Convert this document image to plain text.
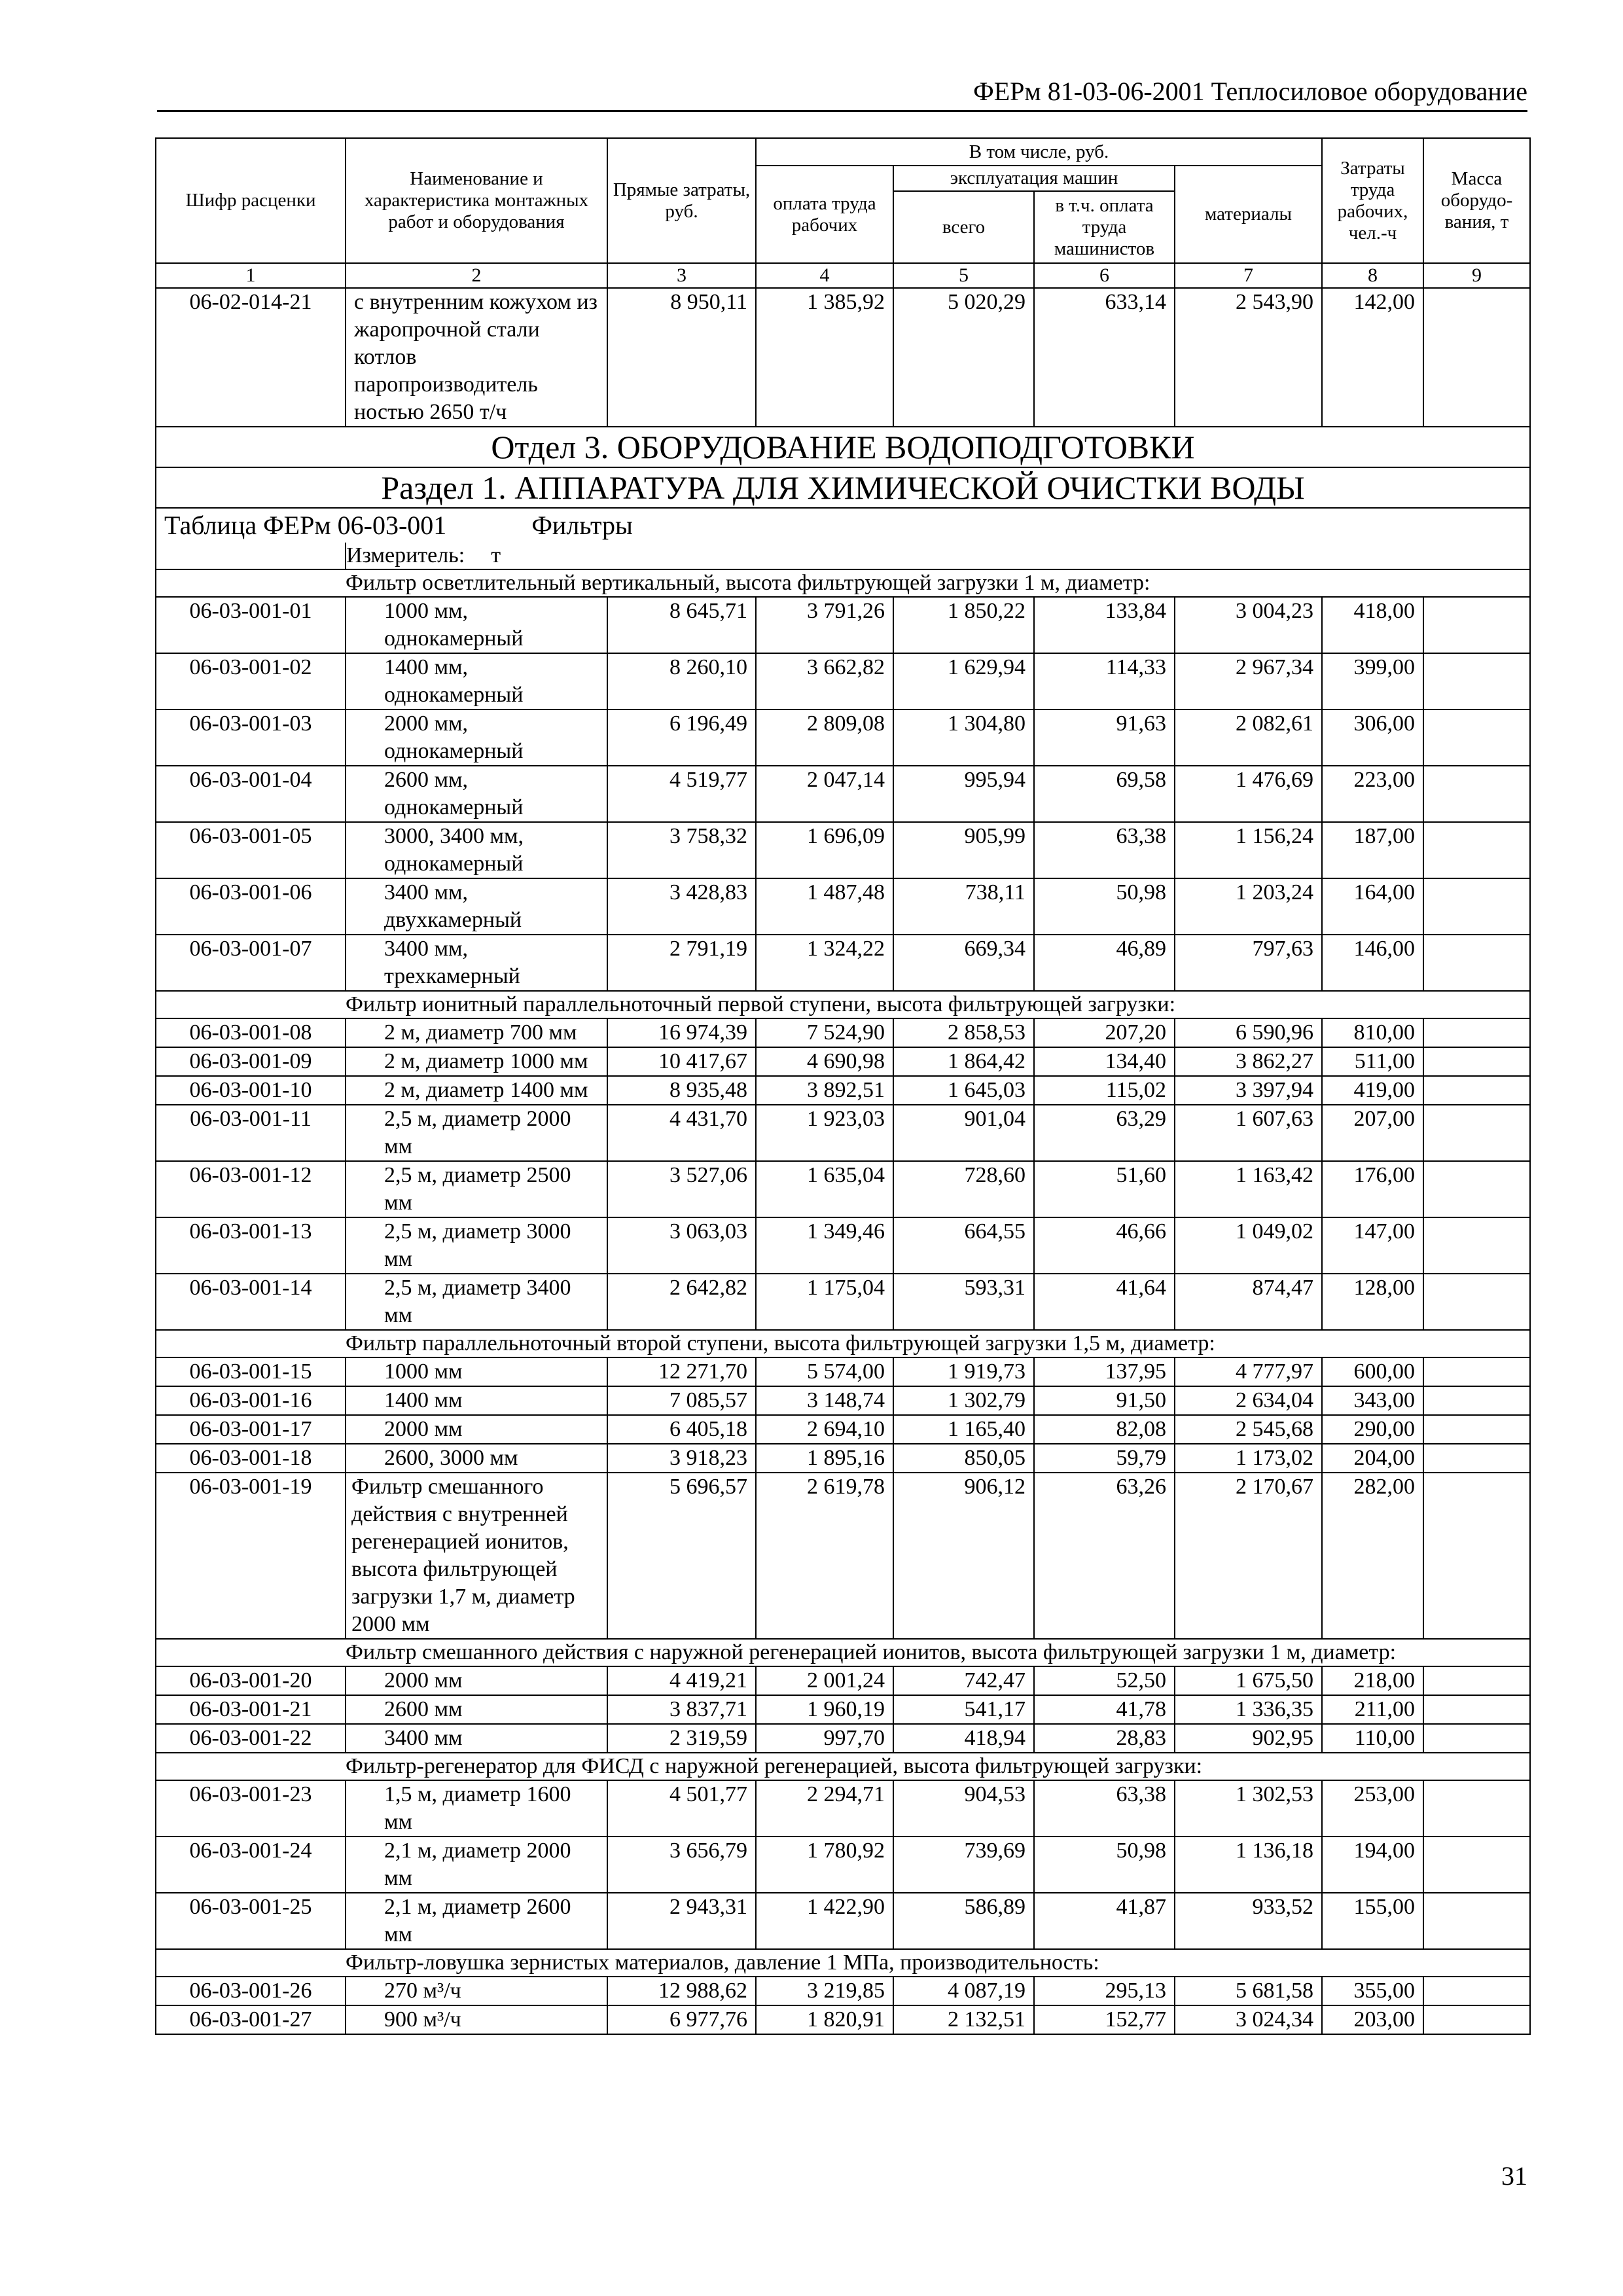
ФЕРм 81-03-06-2001 Теплосиловое оборудование
Шифр расценки	Наименование и характеристика монтажных работ и оборудования	Прямые затраты, руб.	В том числе, руб.				Затраты труда рабочих, чел.-ч	Масса оборудо-вания, т
			оплата труда рабочих	эксплуатация машин		материалы		
				всего	в т.ч. оплата труда машинистов			
1	2	3	4	5	6	7	8	9
06-02-014-21	с внутренним кожухом из жаропрочной стали котлов паропроизводитель ностью 2650 т/ч	8 950,11	1 385,92	5 020,29	633,14	2 543,90	142,00	
Отдел 3. ОБОРУДОВАНИЕ ВОДОПОДГОТОВКИ								
Раздел 1. АППАРАТУРА ДЛЯ ХИМИЧЕСКОЙ ОЧИСТКИ ВОДЫ								
Таблица ФЕРм 06-03-001 Фильтры								
	Измеритель: т							
	Фильтр осветлительный вертикальный, высота фильтрующей загрузки 1 м, диаметр:							
06-03-001-01	1000 мм, однокамерный	8 645,71	3 791,26	1 850,22	133,84	3 004,23	418,00	
06-03-001-02	1400 мм, однокамерный	8 260,10	3 662,82	1 629,94	114,33	2 967,34	399,00	
06-03-001-03	2000 мм, однокамерный	6 196,49	2 809,08	1 304,80	91,63	2 082,61	306,00	
06-03-001-04	2600 мм, однокамерный	4 519,77	2 047,14	995,94	69,58	1 476,69	223,00	
06-03-001-05	3000, 3400 мм, однокамерный	3 758,32	1 696,09	905,99	63,38	1 156,24	187,00	
06-03-001-06	3400 мм, двухкамерный	3 428,83	1 487,48	738,11	50,98	1 203,24	164,00	
06-03-001-07	3400 мм, трехкамерный	2 791,19	1 324,22	669,34	46,89	797,63	146,00	
	Фильтр ионитный параллельноточный первой ступени, высота фильтрующей загрузки:							
06-03-001-08	2 м, диаметр 700 мм	16 974,39	7 524,90	2 858,53	207,20	6 590,96	810,00	
06-03-001-09	2 м, диаметр 1000 мм	10 417,67	4 690,98	1 864,42	134,40	3 862,27	511,00	
06-03-001-10	2 м, диаметр 1400 мм	8 935,48	3 892,51	1 645,03	115,02	3 397,94	419,00	
06-03-001-11	2,5 м, диаметр 2000 мм	4 431,70	1 923,03	901,04	63,29	1 607,63	207,00	
06-03-001-12	2,5 м, диаметр 2500 мм	3 527,06	1 635,04	728,60	51,60	1 163,42	176,00	
06-03-001-13	2,5 м, диаметр 3000 мм	3 063,03	1 349,46	664,55	46,66	1 049,02	147,00	
06-03-001-14	2,5 м, диаметр 3400 мм	2 642,82	1 175,04	593,31	41,64	874,47	128,00	
	Фильтр параллельноточный второй ступени, высота фильтрующей загрузки 1,5 м, диаметр:							
06-03-001-15	1000 мм	12 271,70	5 574,00	1 919,73	137,95	4 777,97	600,00	
06-03-001-16	1400 мм	7 085,57	3 148,74	1 302,79	91,50	2 634,04	343,00	
06-03-001-17	2000 мм	6 405,18	2 694,10	1 165,40	82,08	2 545,68	290,00	
06-03-001-18	2600, 3000 мм	3 918,23	1 895,16	850,05	59,79	1 173,02	204,00	
06-03-001-19	Фильтр смешанного действия с внутренней регенерацией ионитов, высота фильтрующей загрузки 1,7 м, диаметр 2000 мм	5 696,57	2 619,78	906,12	63,26	2 170,67	282,00	
	Фильтр смешанного действия с наружной регенерацией ионитов, высота фильтрующей загрузки 1 м, диаметр:							
06-03-001-20	2000 мм	4 419,21	2 001,24	742,47	52,50	1 675,50	218,00	
06-03-001-21	2600 мм	3 837,71	1 960,19	541,17	41,78	1 336,35	211,00	
06-03-001-22	3400 мм	2 319,59	997,70	418,94	28,83	902,95	110,00	
	Фильтр-регенератор для ФИСД с наружной регенерацией, высота фильтрующей загрузки:							
06-03-001-23	1,5 м, диаметр 1600 мм	4 501,77	2 294,71	904,53	63,38	1 302,53	253,00	
06-03-001-24	2,1 м, диаметр 2000 мм	3 656,79	1 780,92	739,69	50,98	1 136,18	194,00	
06-03-001-25	2,1 м, диаметр 2600 мм	2 943,31	1 422,90	586,89	41,87	933,52	155,00	
	Фильтр-ловушка зернистых материалов, давление 1 МПа, производительность:							
06-03-001-26	270 м³/ч	12 988,62	3 219,85	4 087,19	295,13	5 681,58	355,00	
06-03-001-27	900 м³/ч	6 977,76	1 820,91	2 132,51	152,77	3 024,34	203,00	
31
